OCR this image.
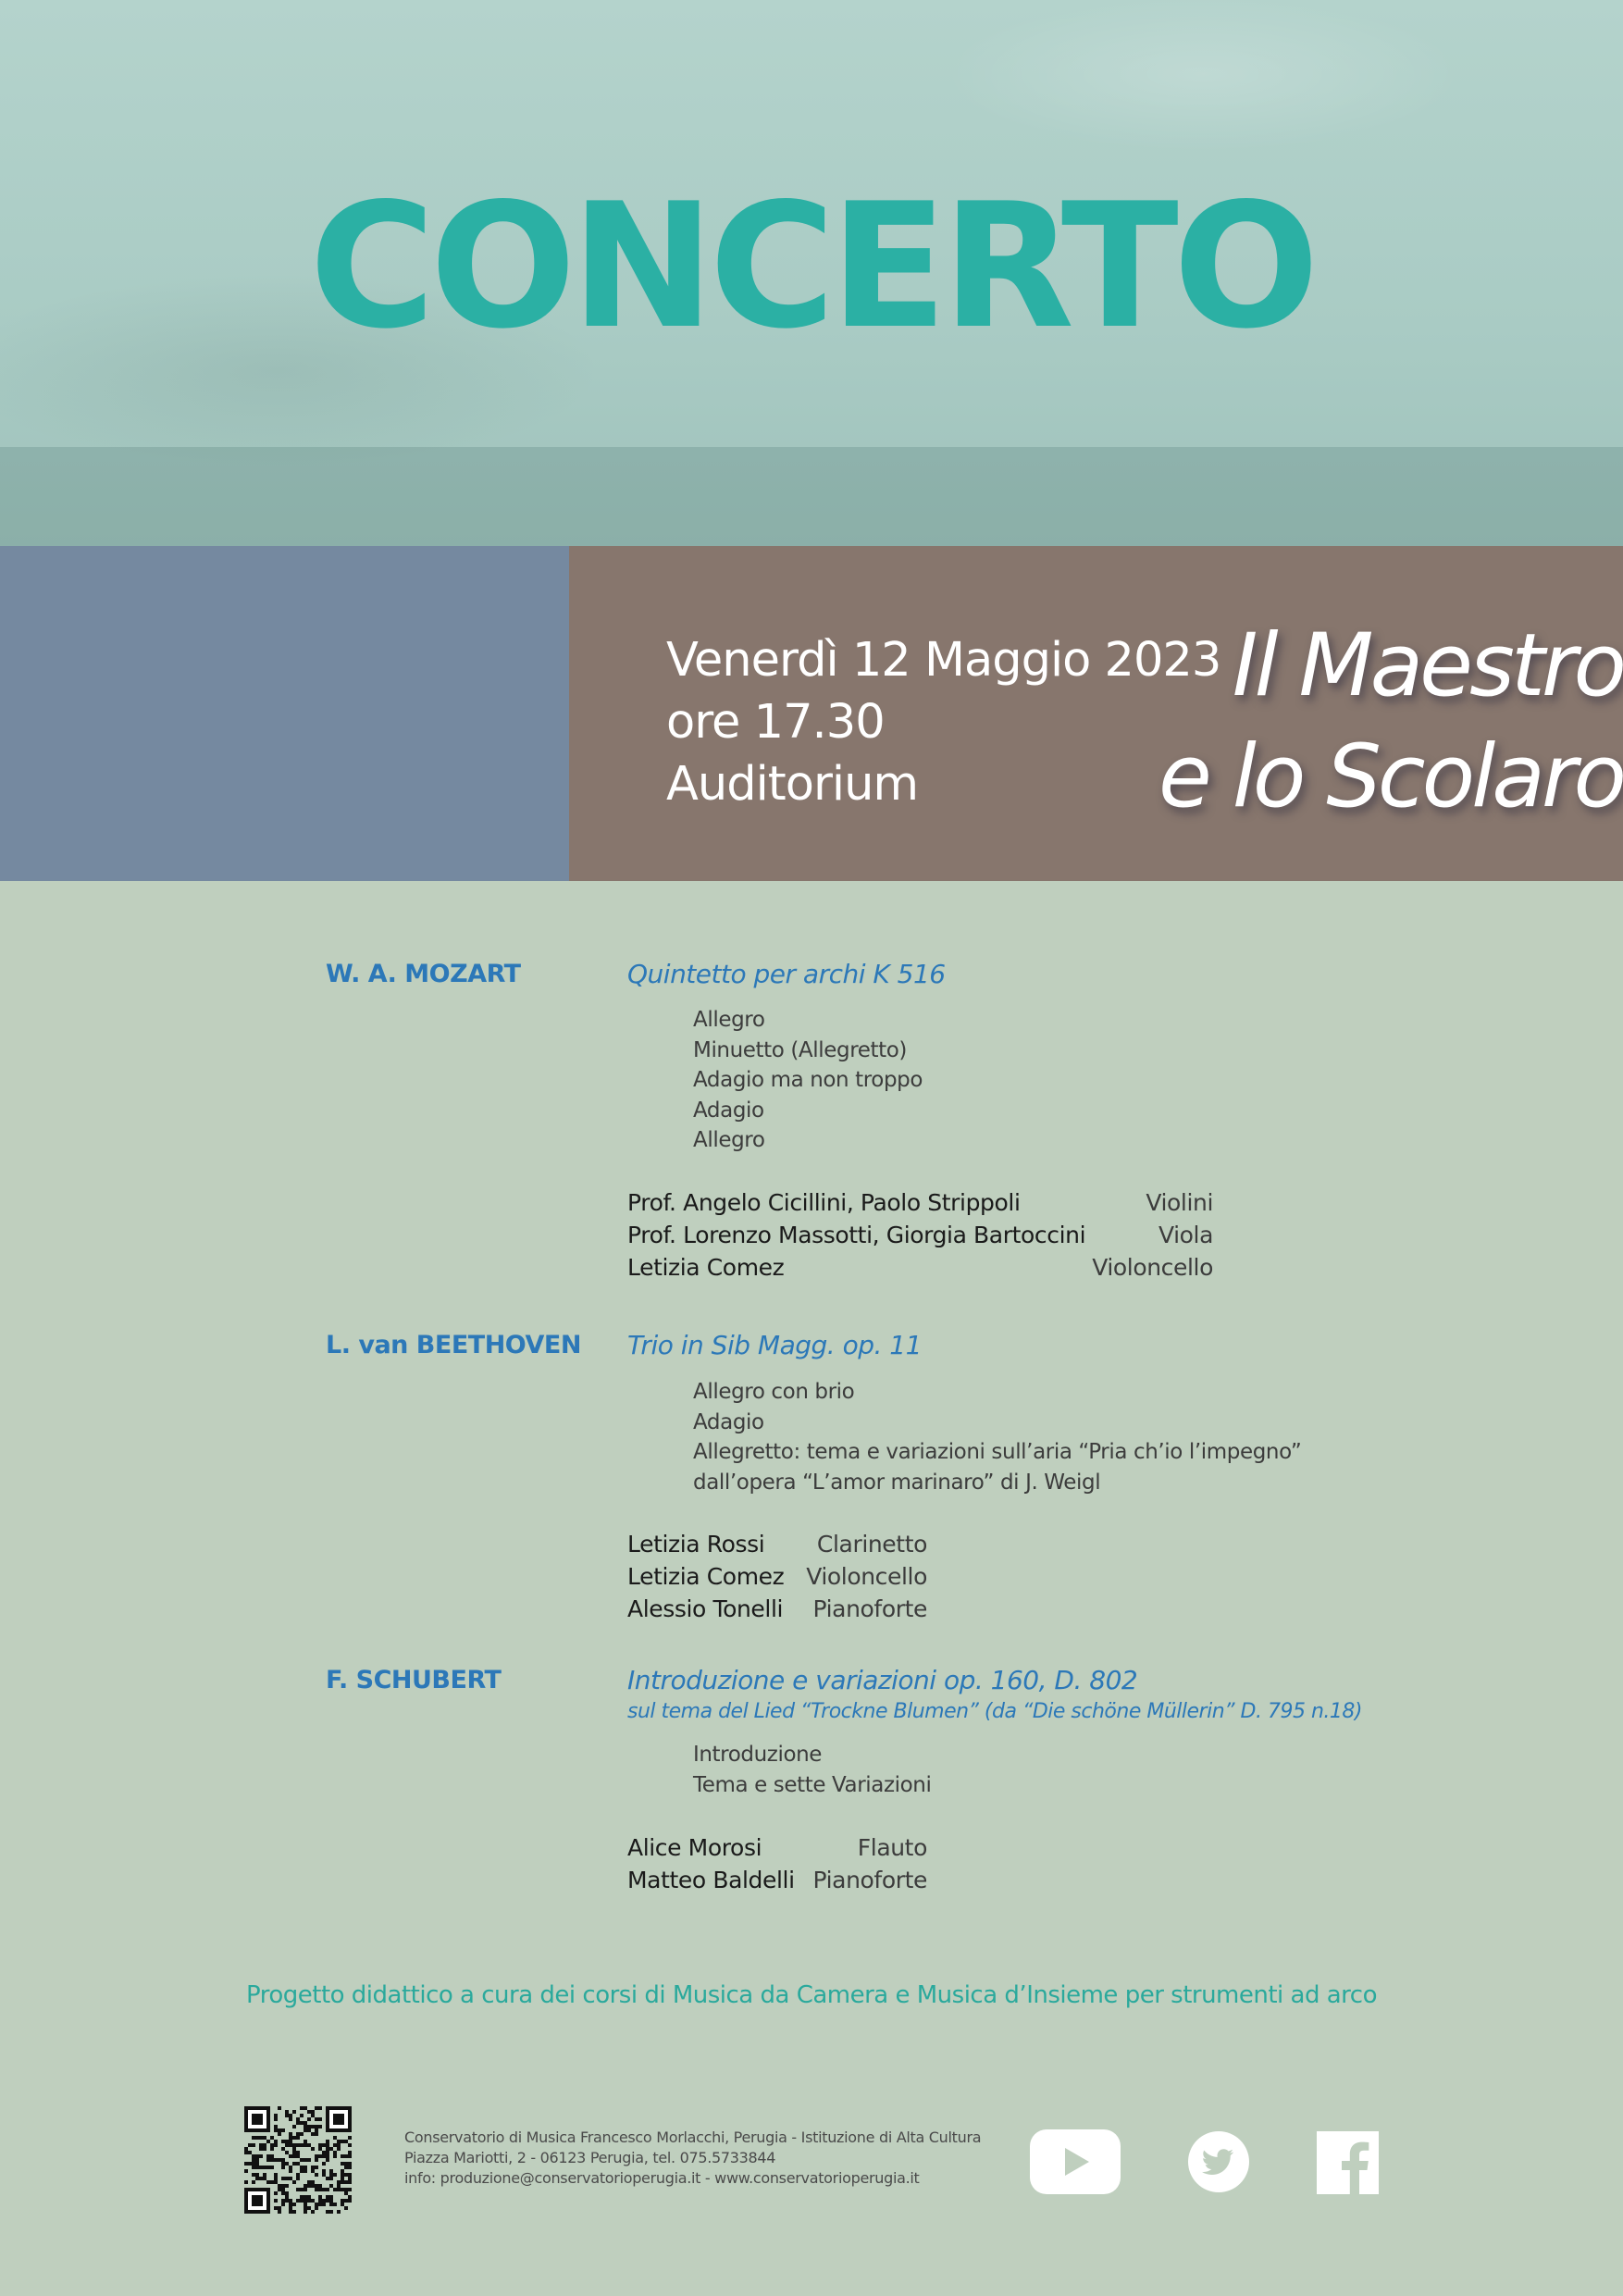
CONCERTO
Il Maestro
e lo Scolaro
Venerdì 12 Maggio 2023
ore 17.30
Auditorium
W. A. MOZART	Quintetto per archi K 516
Allegro
Minuetto (Allegretto)
Adagio ma non troppo
Adagio
Allegro
Prof. Angelo Cicillini, Paolo Strippoli	Violini
Prof. Lorenzo Massotti, Giorgia Bartoccini	Viola
Letizia Comez	Violoncello
L. van BEETHOVEN Trio in Sib Magg. op. 11
Allegro con brio
Adagio
Allegretto: tema e variazioni sull’aria “Pria ch’io l’impegno”
dall’opera “L’amor marinaro” di J. Weigl
Letizia Rossi Clarinetto
Letizia Comez Violoncello
Alessio Tonelli Pianoforte
F. SCHUBERT	Introduzione e variazioni op. 160, D. 802
sul tema del Lied “Trockne Blumen” (da “Die schöne Müllerin” D. 795 n.18)
Introduzione
Tema e sette Variazioni
Alice Morosi	Flauto
Matteo Baldelli Pianoforte
Progetto didattico a cura dei corsi di Musica da Camera e Musica d’Insieme per strumenti ad arco
Conservatorio di Musica Francesco Morlacchi, Perugia - Istituzione di Alta Cultura
Piazza Mariotti, 2 - 06123 Perugia, tel. 075.5733844
info: produzione@conservatorioperugia.it - www.conservatorioperugia.it
